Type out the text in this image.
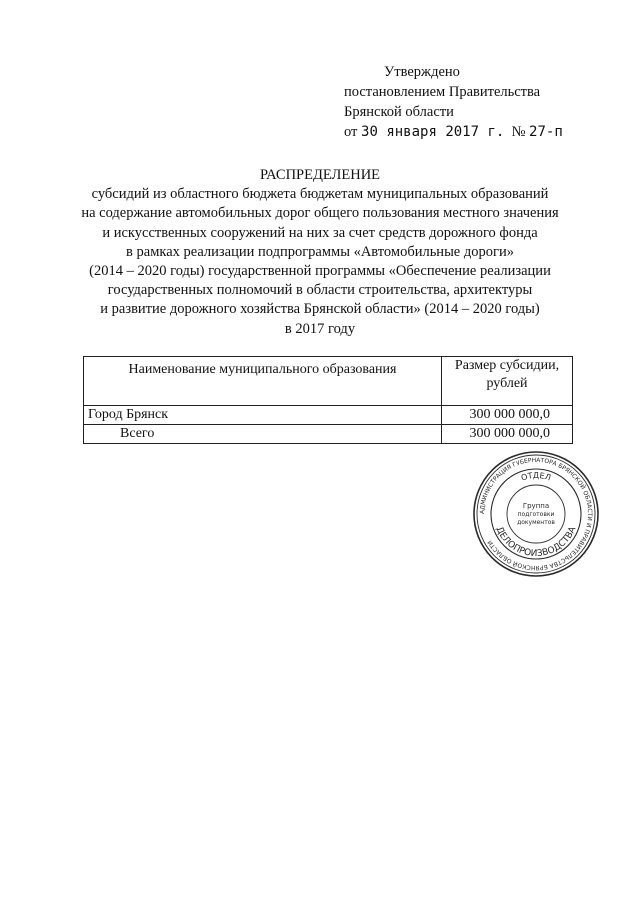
Утверждено
постановлением Правительства
Брянской области
от 30 января 2017 г. № 27-п
РАСПРЕДЕЛЕНИЕ
субсидий из областного бюджета бюджетам муниципальных образований
на содержание автомобильных дорог общего пользования местного значения
и искусственных сооружений на них за счет средств дорожного фонда
в рамках реализации подпрограммы «Автомобильные дороги»
(2014 – 2020 годы) государственной программы «Обеспечение реализации
государственных полномочий в области строительства, архитектуры
и развитие дорожного хозяйства Брянской области» (2014 – 2020 годы)
в 2017 году
Наименование муниципального образования	Размер субсидии, рублей
Город Брянск	300 000 000,0
Всего	300 000 000,0
АДМИНИСТРАЦИЯ ГУБЕРНАТОРА БРЯНСКОЙ ОБЛАСТИ И ПРАВИТЕЛЬСТВА БРЯНСКОЙ ОБЛАСТИ
ОТДЕЛ
ДЕЛОПРОИЗВОДСТВА
Группа
подготовки
документов
